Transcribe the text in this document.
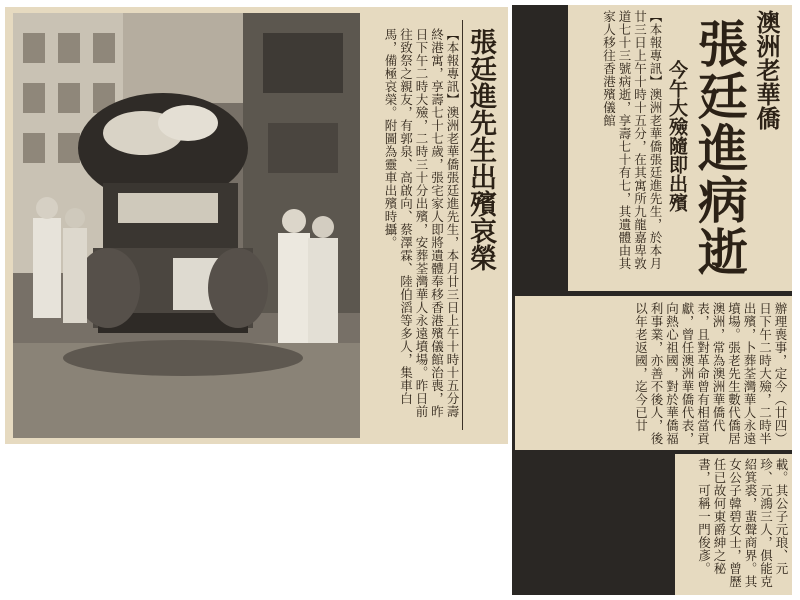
張廷進先生出殯哀榮
【本報專訊】澳洲老華僑張廷進先生，本月廿三日上午十時十五分壽終港寓，享壽七十七歲，張宅家人即將遺體奉移香港殯儀館治喪，昨日下午二時大殮，二時三十分出殯，安葬荃灣華人永遠墳場。昨日前往致祭之親友，有郭泉、高啟向、蔡澤霖、陸伯滔等多人，集車白馬，備極哀榮。附圖為靈車出殯時攝。	澳洲老華僑
張廷進病逝
今午大殮隨即出殯
【本報專訊】澳洲老華僑張廷進先生，於本月廿三日上午十時十五分，在其寓所九龍嘉卑敦道七十三號病逝，享壽七十有七，其遺體由其家人移往香港殯儀館
辦理喪事，定今（廿四）日下午二時大殮，二時半出殯，卜葬荃灣華人永遠墳場。張老先生數代僑居澳洲，常為澳洲華僑代表，且對革命曾有相當貢獻，曾任澳洲華僑代表，向熱心祖國，對於華僑福利事業，亦善不後人，後以年老返國，迄今已廿
載。其公子元琅、元珍、元鴻三人，俱能克紹箕裘，蜚聲商界。其女公子韓碧女士，曾歷任已故何東爵紳之秘書，可稱一門俊彥。
